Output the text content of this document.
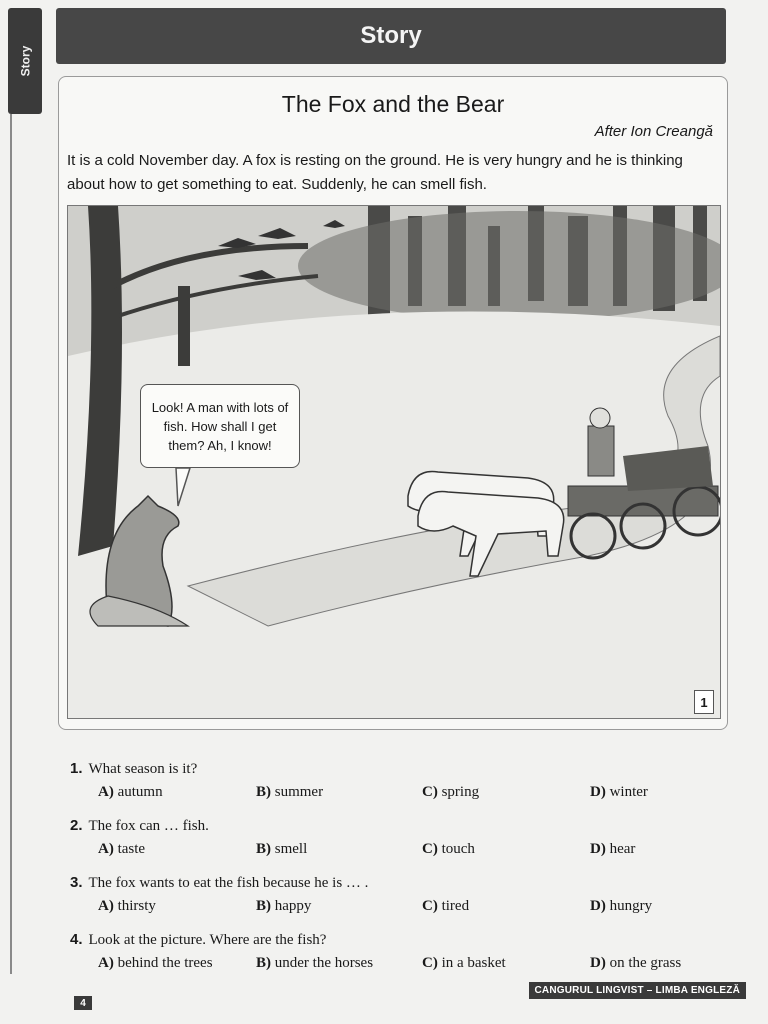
Story
Story
The Fox and the Bear
After Ion Creangă
It is a cold November day. A fox is resting on the ground. He is very hungry and he is thinking about how to get something to eat. Suddenly, he can smell fish.
Look! A man with lots of fish. How shall I get them? Ah, I know!
1
1. What season is it?
A) autumn	B) summer	C) spring	D) winter
2. The fox can … fish.
A) taste	B) smell	C) touch	D) hear
3. The fox wants to eat the fish because he is … .
A) thirsty	B) happy	C) tired	D) hungry
4. Look at the picture. Where are the fish?
A) behind the trees	B) under the horses	C) in a basket	D) on the grass
4
CANGURUL LINGVIST – LIMBA ENGLEZĂ
